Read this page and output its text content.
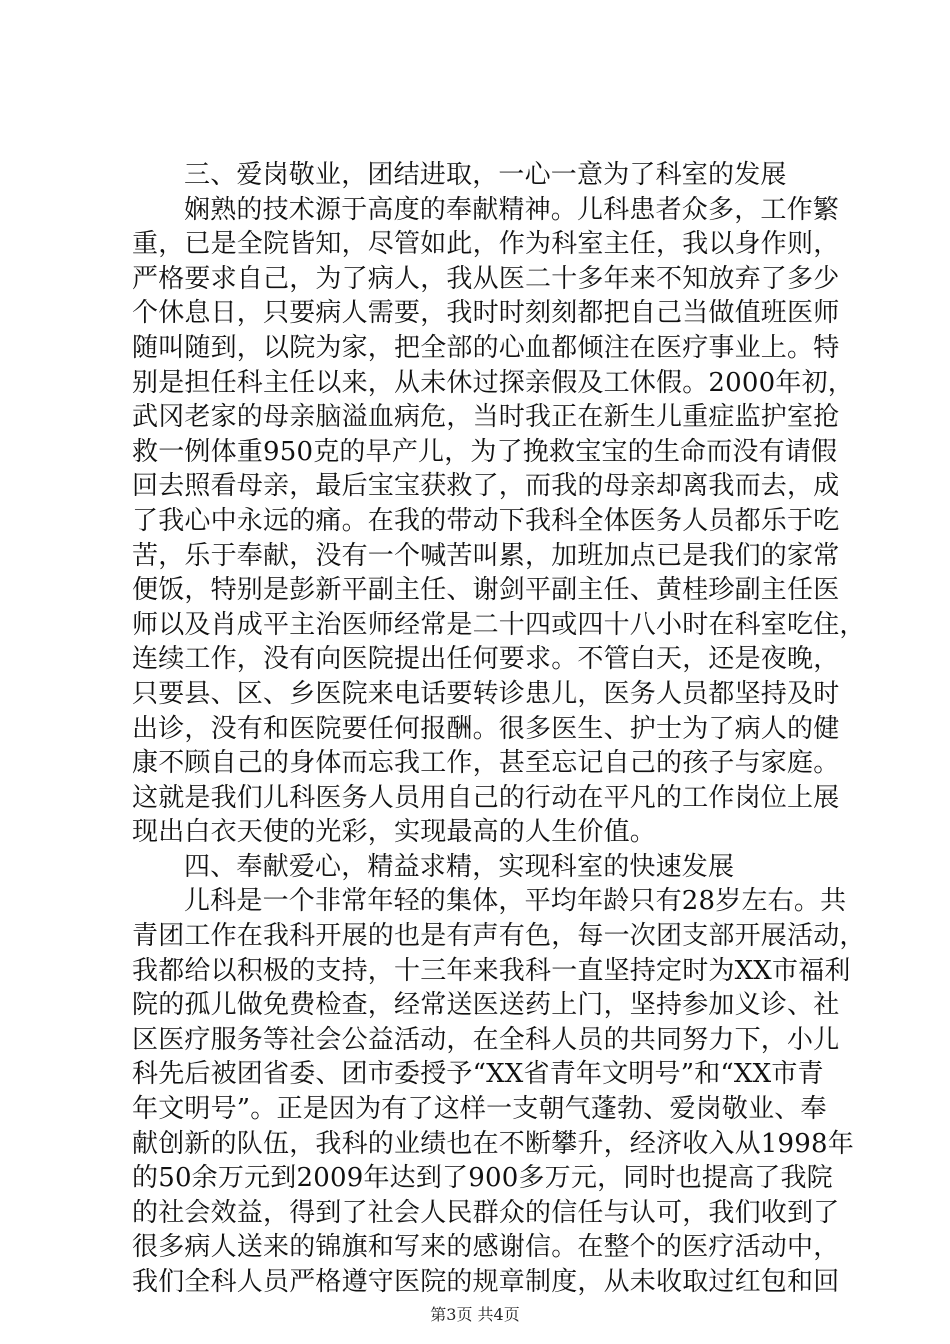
三、爱岗敬业，团结进取，一心一意为了科室的发展
娴熟的技术源于高度的奉献精神。儿科患者众多，工作繁
重，已是全院皆知，尽管如此，作为科室主任，我以身作则，
严格要求自己，为了病人，我从医二十多年来不知放弃了多少
个休息日，只要病人需要，我时时刻刻都把自己当做值班医师
随叫随到，以院为家，把全部的心血都倾注在医疗事业上。特
别是担任科主任以来，从未休过探亲假及工休假。2000年初，
武冈老家的母亲脑溢血病危，当时我正在新生儿重症监护室抢
救一例体重950克的早产儿，为了挽救宝宝的生命而没有请假
回去照看母亲，最后宝宝获救了，而我的母亲却离我而去，成
了我心中永远的痛。在我的带动下我科全体医务人员都乐于吃
苦，乐于奉献，没有一个喊苦叫累，加班加点已是我们的家常
便饭，特别是彭新平副主任、谢剑平副主任、黄桂珍副主任医
师以及肖成平主治医师经常是二十四或四十八小时在科室吃住，
连续工作，没有向医院提出任何要求。不管白天，还是夜晚，
只要县、区、乡医院来电话要转诊患儿，医务人员都坚持及时
出诊，没有和医院要任何报酬。很多医生、护士为了病人的健
康不顾自己的身体而忘我工作，甚至忘记自己的孩子与家庭。
这就是我们儿科医务人员用自己的行动在平凡的工作岗位上展
现出白衣天使的光彩，实现最高的人生价值。
四、奉献爱心，精益求精，实现科室的快速发展
儿科是一个非常年轻的集体，平均年龄只有28岁左右。共
青团工作在我科开展的也是有声有色，每一次团支部开展活动，
我都给以积极的支持，十三年来我科一直坚持定时为XX市福利
院的孤儿做免费检查，经常送医送药上门，坚持参加义诊、社
区医疗服务等社会公益活动，在全科人员的共同努力下，小儿
科先后被团省委、团市委授予“XX省青年文明号”和“XX市青
年文明号”。正是因为有了这样一支朝气蓬勃、爱岗敬业、奉
献创新的队伍，我科的业绩也在不断攀升，经济收入从1998年
的50余万元到2009年达到了900多万元，同时也提高了我院
的社会效益，得到了社会人民群众的信任与认可，我们收到了
很多病人送来的锦旗和写来的感谢信。在整个的医疗活动中，
我们全科人员严格遵守医院的规章制度，从未收取过红包和回
第3页 共4页
